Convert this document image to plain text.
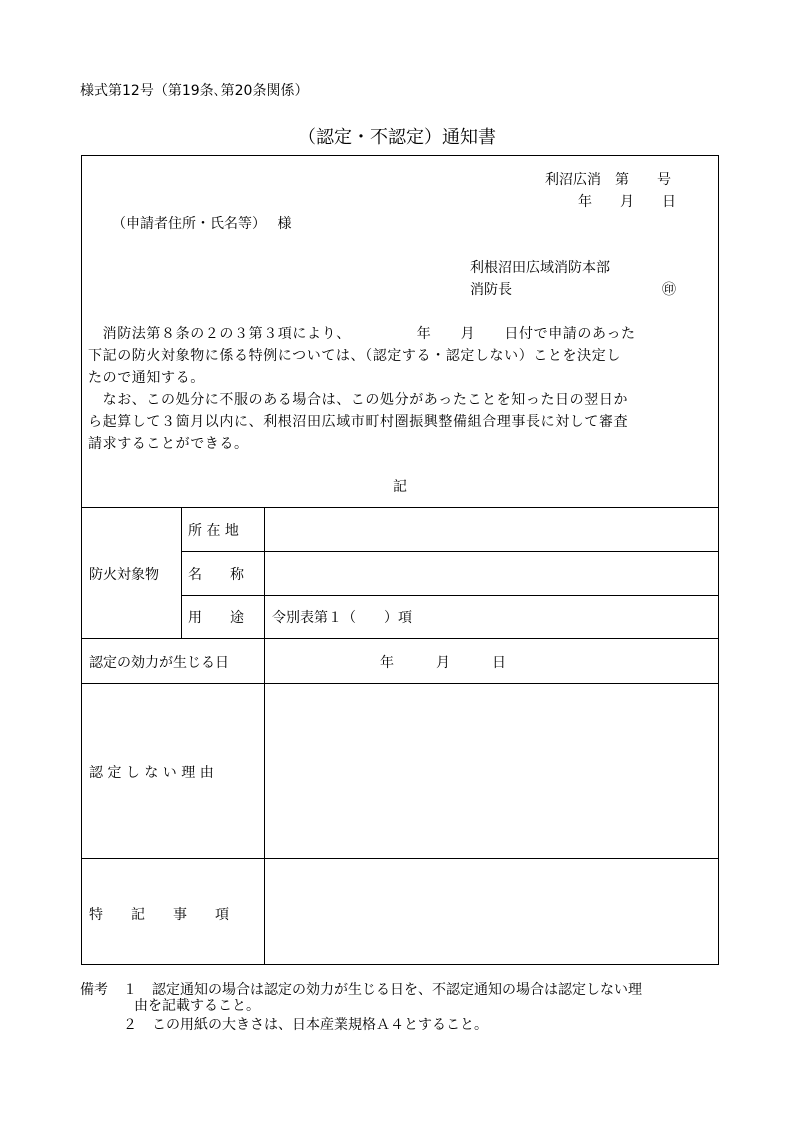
様式第12号（第19条､第20条関係）
（認定・不認定）通知書
利沼広消　第　　号
年　　月　　日
（申請者住所・氏名等）　 様
利根沼田広域消防本部
消防長	㊞
　消防法第８条の２の３第３項により、　　　　　年　　月　　日付で申請のあった
下記の防火対象物に係る特例については、（認定する・認定しない）ことを決定し
たので通知する。
　なお、この処分に不服のある場合は、この処分があったことを知った日の翌日か
ら起算して３箇月以内に、利根沼田広域市町村圏振興整備組合理事長に対して審査
請求することができる。
記
防火対象物
所 在 地
名　　称
用　　途 令別表第１（　　）項
認定の効力が生じる日	年　　　月　　　日
認 定 し な い 理 由
特　　記　　事　　項
備考 １ 認定通知の場合は認定の効力が生じる日を、不認定通知の場合は認定しない理
由を記載すること。
２ この用紙の大きさは、日本産業規格Ａ４とすること。
